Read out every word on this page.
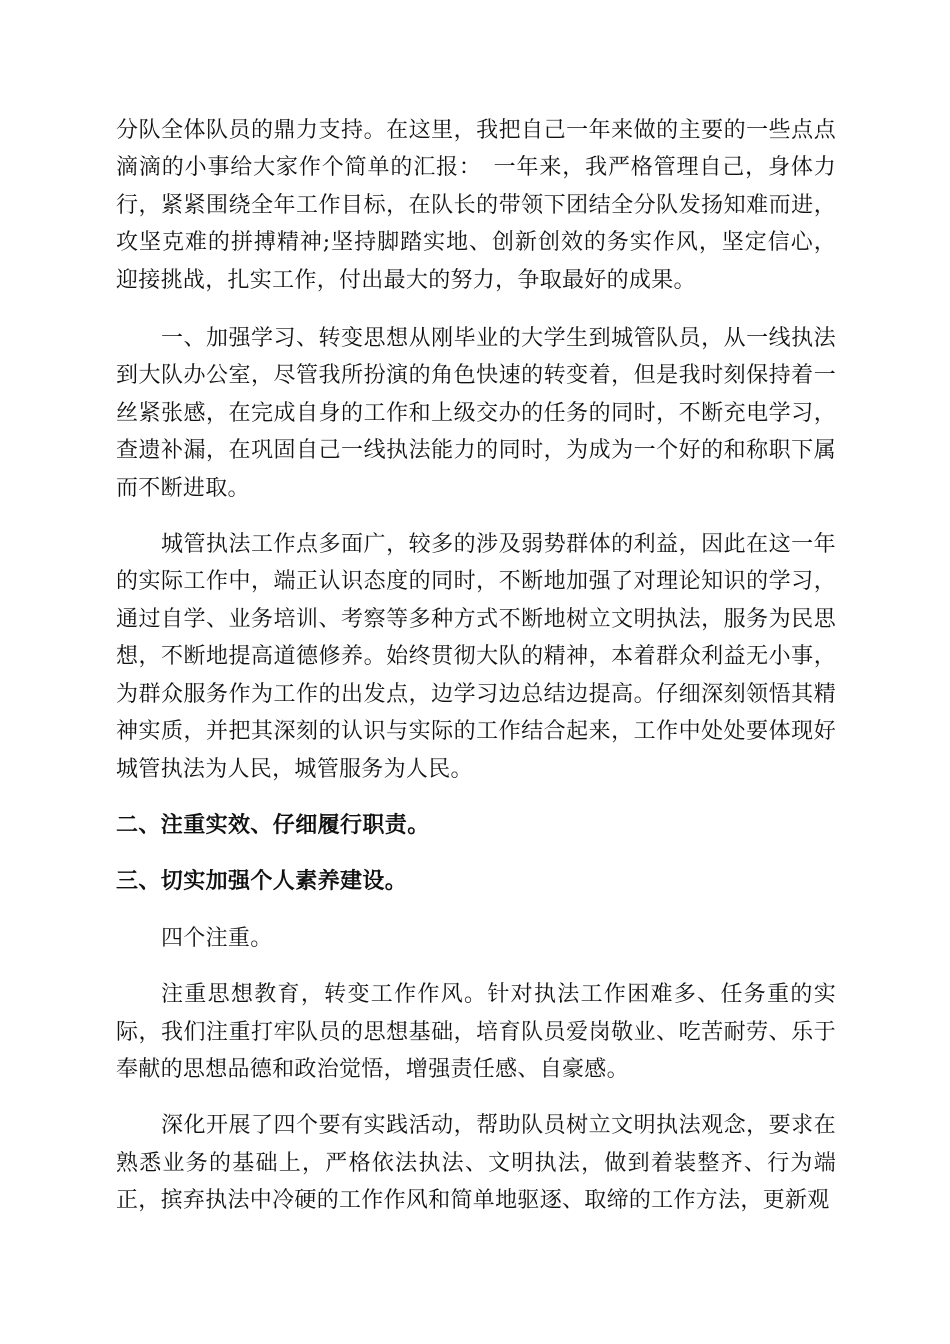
分队全体队员的鼎力支持。在这里，我把自己一年来做的主要的一些点点滴滴的小事给大家作个简单的汇报：　一年来，我严格管理自己，身体力行，紧紧围绕全年工作目标，在队长的带领下团结全分队发扬知难而进，攻坚克难的拼搏精神;坚持脚踏实地、创新创效的务实作风，坚定信心，迎接挑战，扎实工作，付出最大的努力，争取最好的成果。

一、加强学习、转变思想从刚毕业的大学生到城管队员，从一线执法到大队办公室，尽管我所扮演的角色快速的转变着，但是我时刻保持着一丝紧张感，在完成自身的工作和上级交办的任务的同时，不断充电学习，查遗补漏，在巩固自己一线执法能力的同时，为成为一个好的和称职下属而不断进取。

城管执法工作点多面广，较多的涉及弱势群体的利益，因此在这一年的实际工作中，端正认识态度的同时，不断地加强了对理论知识的学习，通过自学、业务培训、考察等多种方式不断地树立文明执法，服务为民思想，不断地提高道德修养。始终贯彻大队的精神，本着群众利益无小事，为群众服务作为工作的出发点，边学习边总结边提高。仔细深刻领悟其精神实质，并把其深刻的认识与实际的工作结合起来，工作中处处要体现好城管执法为人民，城管服务为人民。

二、注重实效、仔细履行职责。

三、切实加强个人素养建设。

四个注重。

注重思想教育，转变工作作风。针对执法工作困难多、任务重的实际，我们注重打牢队员的思想基础，培育队员爱岗敬业、吃苦耐劳、乐于奉献的思想品德和政治觉悟，增强责任感、自豪感。

深化开展了四个要有实践活动，帮助队员树立文明执法观念，要求在熟悉业务的基础上，严格依法执法、文明执法，做到着装整齐、行为端正，摈弃执法中冷硬的工作作风和简单地驱逐、取缔的工作方法，更新观
